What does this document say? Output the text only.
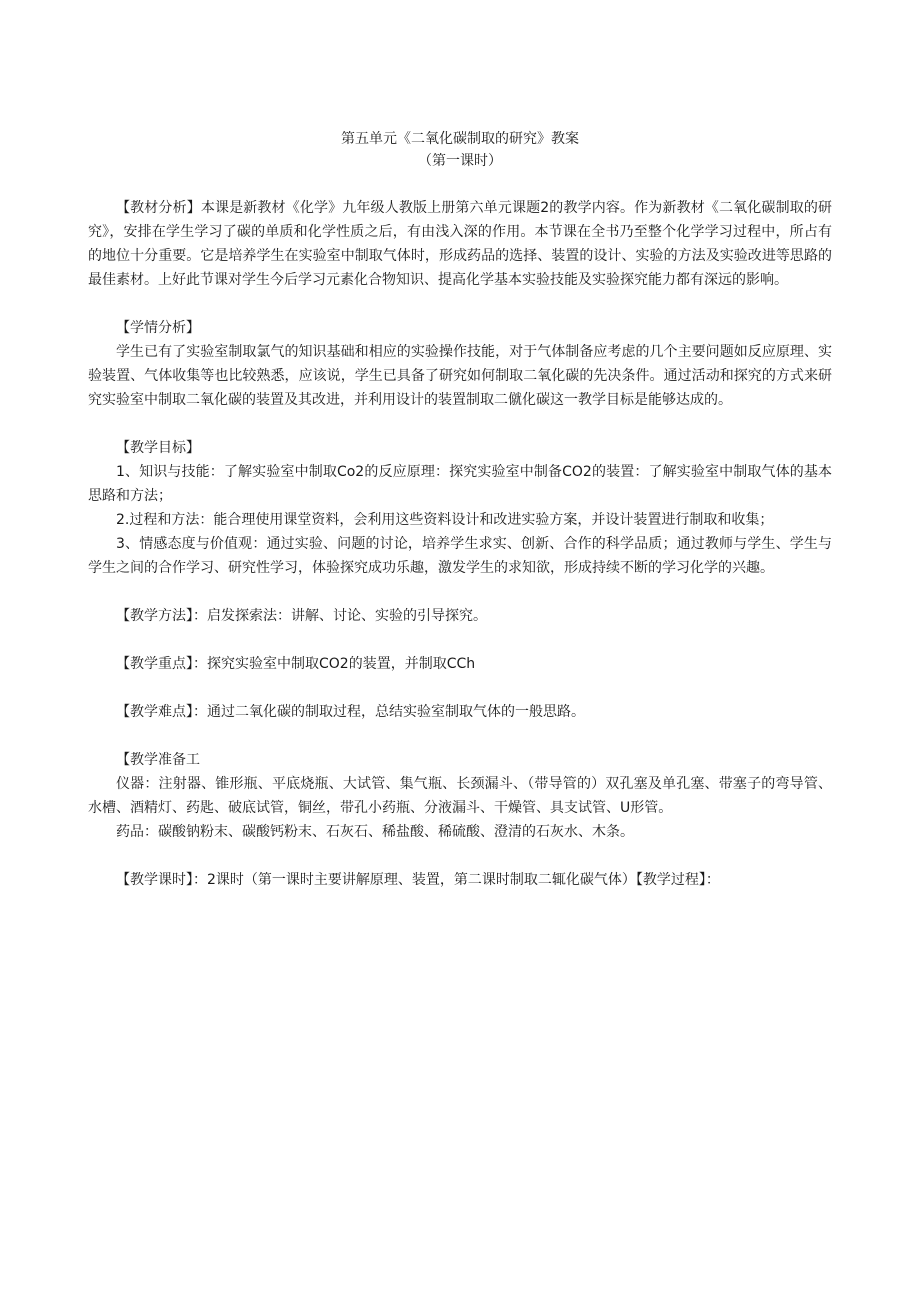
第五单元《二氧化碳制取的研究》教案

（第一课时）

【教材分析】本课是新教材《化学》九年级人教版上册第六单元课题2的教学内容。作为新教材《二氧化碳制取的研究》，安排在学生学习了碳的单质和化学性质之后，有由浅入深的作用。本节课在全书乃至整个化学学习过程中，所占有的地位十分重要。它是培养学生在实验室中制取气体时，形成药品的选择、装置的设计、实验的方法及实验改进等思路的最佳素材。上好此节课对学生今后学习元素化合物知识、提高化学基本实验技能及实验探究能力都有深远的影响。

【学情分析】

学生已有了实验室制取氯气的知识基础和相应的实验操作技能，对于气体制备应考虑的几个主要问题如反应原理、实验装置、气体收集等也比较熟悉，应该说，学生已具备了研究如何制取二氧化碳的先决条件。通过活动和探究的方式来研究实验室中制取二氧化碳的装置及其改进，并利用设计的装置制取二僦化碳这一教学目标是能够达成的。

【教学目标】

1、知识与技能：了解实验室中制取Co2的反应原理：探究实验室中制备CO2的装置：了解实验室中制取气体的基本思路和方法；

2.过程和方法：能合理使用课堂资料，会利用这些资料设计和改进实验方案，并设计装置进行制取和收集；

3、情感态度与价值观：通过实验、问题的讨论，培养学生求实、创新、合作的科学品质；通过教师与学生、学生与学生之间的合作学习、研究性学习，体验探究成功乐趣，激发学生的求知欲，形成持续不断的学习化学的兴趣。

【教学方法】：启发探索法：讲解、讨论、实验的引导探究。

【教学重点】：探究实验室中制取CO2的装置，并制取CCh

【教学难点】：通过二氧化碳的制取过程，总结实验室制取气体的一般思路。

【教学准备工

仪器：注射器、锥形瓶、平底烧瓶、大试管、集气瓶、长颈漏斗、（带导管的）双孔塞及单孔塞、带塞子的弯导管、水槽、酒精灯、药匙、破底试管，铜丝，带孔小药瓶、分液漏斗、干燥管、具支试管、U形管。

药品：碳酸钠粉末、碳酸钙粉末、石灰石、稀盐酸、稀硫酸、澄清的石灰水、木条。

【教学课时】：2课时（第一课时主要讲解原理、装置，第二课时制取二辄化碳气体）【教学过程】：
